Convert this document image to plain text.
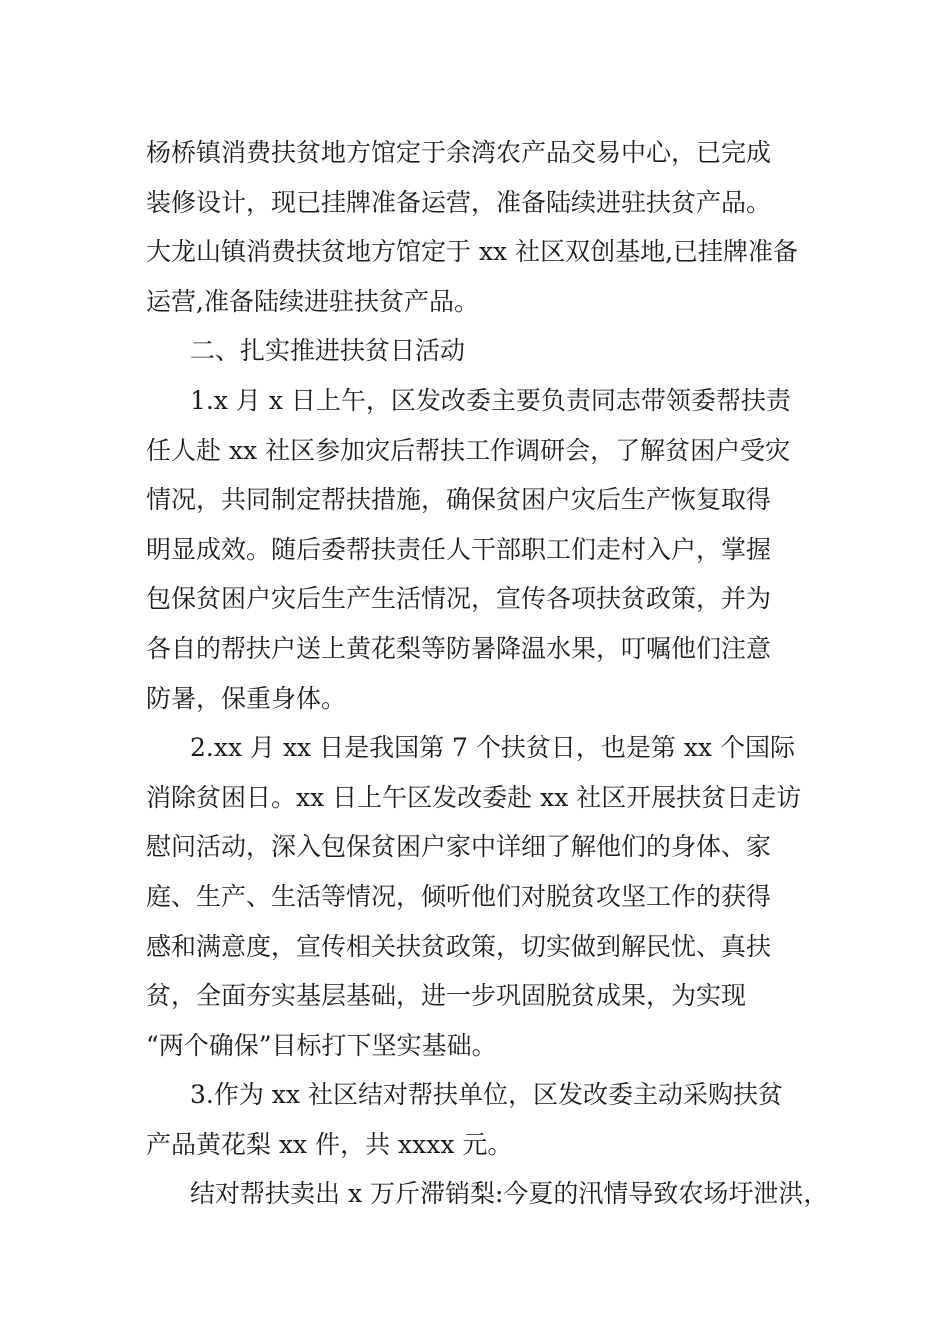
杨桥镇消费扶贫地方馆定于余湾农产品交易中心，已完成
装修设计，现已挂牌准备运营，准备陆续进驻扶贫产品。
大龙山镇消费扶贫地方馆定于 xx 社区双创基地,已挂牌准备
运营,准备陆续进驻扶贫产品。
二、扎实推进扶贫日活动
1.x 月 x 日上午，区发改委主要负责同志带领委帮扶责
任人赴 xx 社区参加灾后帮扶工作调研会，了解贫困户受灾
情况，共同制定帮扶措施，确保贫困户灾后生产恢复取得
明显成效。随后委帮扶责任人干部职工们走村入户，掌握
包保贫困户灾后生产生活情况，宣传各项扶贫政策，并为
各自的帮扶户送上黄花梨等防暑降温水果，叮嘱他们注意
防暑，保重身体。
2.xx 月 xx 日是我国第 7 个扶贫日，也是第 xx 个国际
消除贫困日。xx 日上午区发改委赴 xx 社区开展扶贫日走访
慰问活动，深入包保贫困户家中详细了解他们的身体、家
庭、生产、生活等情况，倾听他们对脱贫攻坚工作的获得
感和满意度，宣传相关扶贫政策，切实做到解民忧、真扶
贫，全面夯实基层基础，进一步巩固脱贫成果，为实现
“两个确保”目标打下坚实基础。
3.作为 xx 社区结对帮扶单位，区发改委主动采购扶贫
产品黄花梨 xx 件，共 xxxx 元。
结对帮扶卖出 x 万斤滞销梨:今夏的汛情导致农场圩泄洪，
